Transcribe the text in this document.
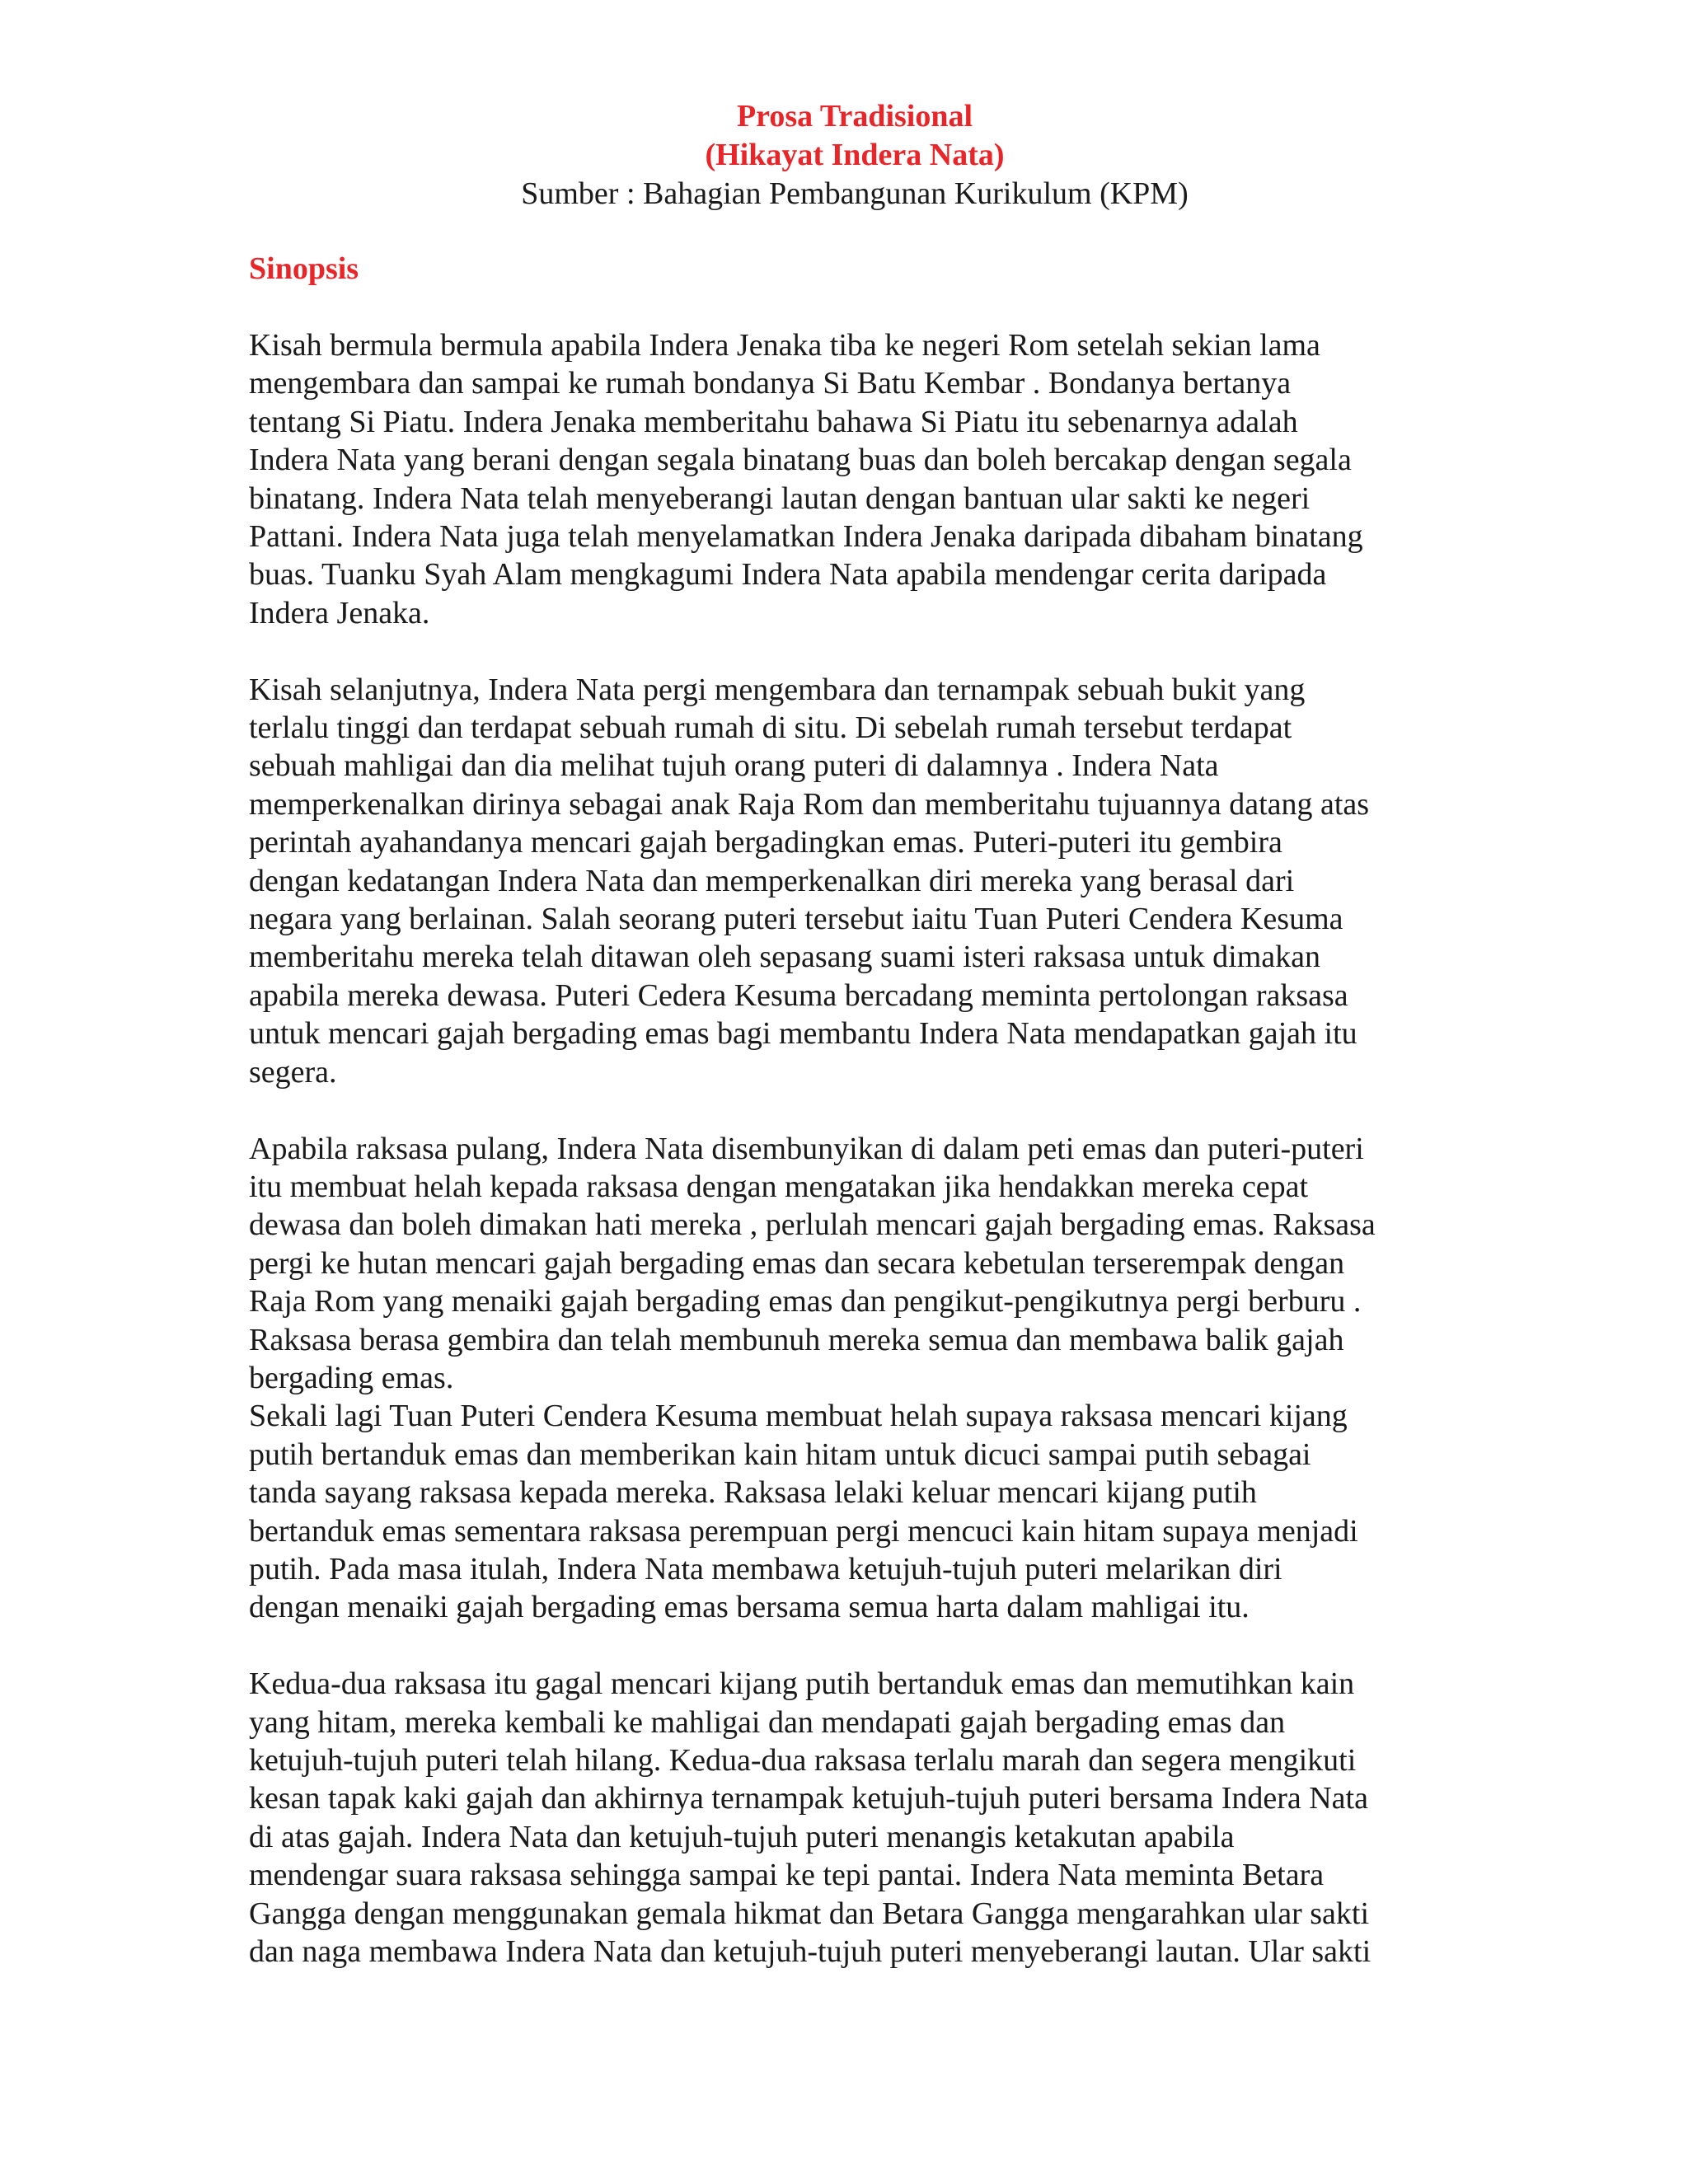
Prosa Tradisional
(Hikayat Indera Nata)
Sumber : Bahagian Pembangunan Kurikulum (KPM)
Sinopsis

Kisah bermula bermula apabila Indera Jenaka tiba ke negeri Rom setelah sekian lama
mengembara dan sampai ke rumah bondanya Si Batu Kembar . Bondanya bertanya
tentang Si Piatu. Indera Jenaka memberitahu bahawa Si Piatu itu sebenarnya adalah
Indera Nata yang berani dengan segala binatang buas dan boleh bercakap dengan segala
binatang. Indera Nata telah menyeberangi lautan dengan bantuan ular sakti ke negeri
Pattani. Indera Nata juga telah menyelamatkan Indera Jenaka daripada dibaham binatang
buas. Tuanku Syah Alam mengkagumi Indera Nata apabila mendengar cerita daripada
Indera Jenaka.

Kisah selanjutnya, Indera Nata pergi mengembara dan ternampak sebuah bukit yang
terlalu tinggi dan terdapat sebuah rumah di situ. Di sebelah rumah tersebut terdapat
sebuah mahligai dan dia melihat tujuh orang puteri di dalamnya . Indera Nata
memperkenalkan dirinya sebagai anak Raja Rom dan memberitahu tujuannya datang atas
perintah ayahandanya mencari gajah bergadingkan emas. Puteri-puteri itu gembira
dengan kedatangan Indera Nata dan memperkenalkan diri mereka yang berasal dari
negara yang berlainan. Salah seorang puteri tersebut iaitu Tuan Puteri Cendera Kesuma
memberitahu mereka telah ditawan oleh sepasang suami isteri raksasa untuk dimakan
apabila mereka dewasa. Puteri Cedera Kesuma bercadang meminta pertolongan raksasa
untuk mencari gajah bergading emas bagi membantu Indera Nata mendapatkan gajah itu
segera.

Apabila raksasa pulang, Indera Nata disembunyikan di dalam peti emas dan puteri-puteri
itu membuat helah kepada raksasa dengan mengatakan jika hendakkan mereka cepat
dewasa dan boleh dimakan hati mereka , perlulah mencari gajah bergading emas. Raksasa
pergi ke hutan mencari gajah bergading emas dan secara kebetulan terserempak dengan
Raja Rom yang menaiki gajah bergading emas dan pengikut-pengikutnya pergi berburu .
Raksasa berasa gembira dan telah membunuh mereka semua dan membawa balik gajah
bergading emas.

Sekali lagi Tuan Puteri Cendera Kesuma membuat helah supaya raksasa mencari kijang
putih bertanduk emas dan memberikan kain hitam untuk dicuci sampai putih sebagai
tanda sayang raksasa kepada mereka. Raksasa lelaki keluar mencari kijang putih
bertanduk emas sementara raksasa perempuan pergi mencuci kain hitam supaya menjadi
putih. Pada masa itulah, Indera Nata membawa ketujuh-tujuh puteri melarikan diri
dengan menaiki gajah bergading emas bersama semua harta dalam mahligai itu.

Kedua-dua raksasa itu gagal mencari kijang putih bertanduk emas dan memutihkan kain
yang hitam, mereka kembali ke mahligai dan mendapati gajah bergading emas dan
ketujuh-tujuh puteri telah hilang. Kedua-dua raksasa terlalu marah dan segera mengikuti
kesan tapak kaki gajah dan akhirnya ternampak ketujuh-tujuh puteri bersama Indera Nata
di atas gajah. Indera Nata dan ketujuh-tujuh puteri menangis ketakutan apabila
mendengar suara raksasa sehingga sampai ke tepi pantai. Indera Nata meminta Betara
Gangga dengan menggunakan gemala hikmat dan Betara Gangga mengarahkan ular sakti
dan naga membawa Indera Nata dan ketujuh-tujuh puteri menyeberangi lautan. Ular sakti
